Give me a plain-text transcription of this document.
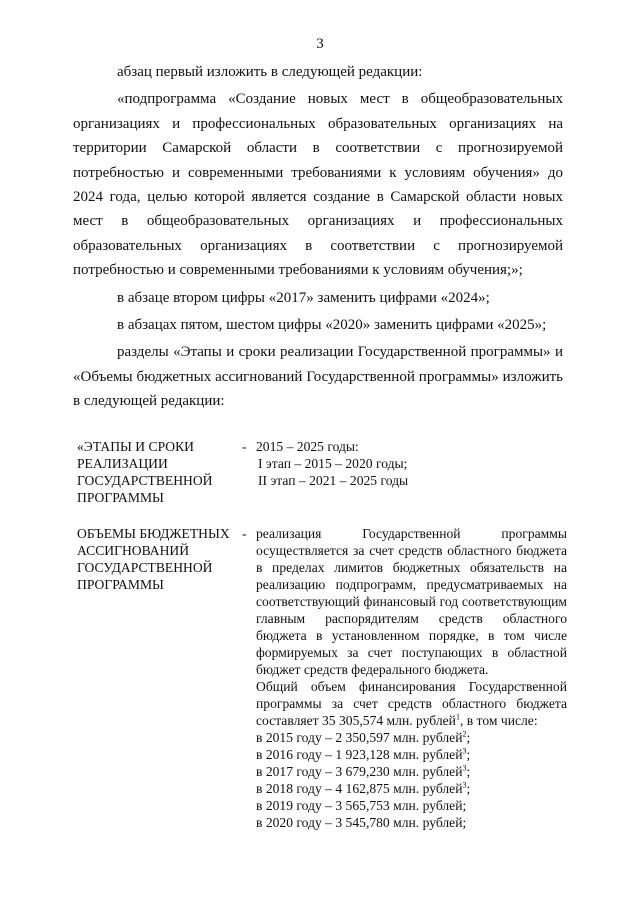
3

абзац первый изложить в следующей редакции:

«подпрограмма «Создание новых мест в общеобразовательных организациях и профессиональных образовательных организациях на территории Самарской области в соответствии с прогнозируемой потребностью и современными требованиями к условиям обучения» до 2024 года, целью которой является создание в Самарской области новых мест в общеобразовательных организациях и профессиональных образовательных организациях в соответствии с прогнозируемой потребностью и современными требованиями к условиям обучения;»;

в абзаце втором цифры «2017» заменить цифрами «2024»;

в абзацах пятом, шестом цифры «2020» заменить цифрами «2025»;

разделы «Этапы и сроки реализации Государственной программы» и «Объемы бюджетных ассигнований Государственной программы» изложить в следующей редакции:

«ЭТАПЫ И СРОКИ РЕАЛИЗАЦИИ ГОСУДАРСТВЕННОЙ ПРОГРАММЫ
- 2015 – 2025 годы:
I этап – 2015 – 2020 годы;
II этап – 2021 – 2025 годы
ОБЪЕМЫ БЮДЖЕТНЫХ АССИГНОВАНИЙ ГОСУДАРСТВЕННОЙ ПРОГРАММЫ
- реализация Государственной программы осуществляется за счет средств областного бюджета в пределах лимитов бюджетных обязательств на реализацию подпрограмм, предусматриваемых на соответствующий финансовый год соответствующим главным распорядителям средств областного бюджета в установленном порядке, в том числе формируемых за счет поступающих в областной бюджет средств федерального бюджета.
Общий объем финансирования Государственной программы за счет средств областного бюджета составляет 35 305,574 млн. рублей$^1$, в том числе:
в 2015 году – 2 350,597 млн. рублей$^2$;
в 2016 году – 1 923,128 млн. рублей$^3$;
в 2017 году – 3 679,230 млн. рублей$^3$;
в 2018 году – 4 162,875 млн. рублей$^3$;
в 2019 году – 3 565,753 млн. рублей;
в 2020 году – 3 545,780 млн. рублей;
